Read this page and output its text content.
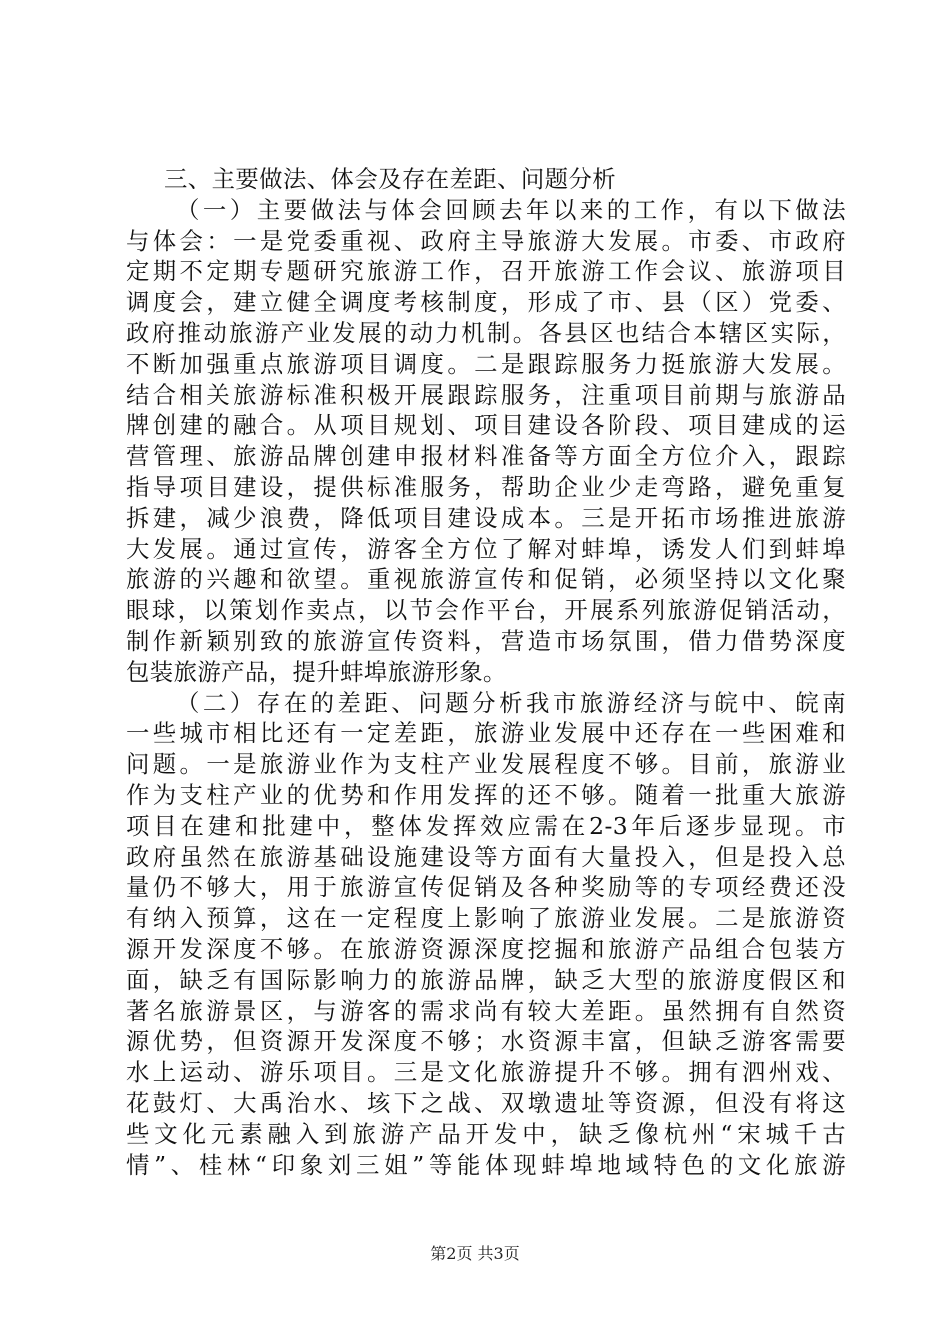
三、主要做法、体会及存在差距、问题分析
（一）主要做法与体会回顾去年以来的工作，有以下做法
与体会：一是党委重视、政府主导旅游大发展。市委、市政府
定期不定期专题研究旅游工作，召开旅游工作会议、旅游项目
调度会，建立健全调度考核制度，形成了市、县（区）党委、
政府推动旅游产业发展的动力机制。各县区也结合本辖区实际，
不断加强重点旅游项目调度。二是跟踪服务力挺旅游大发展。
结合相关旅游标准积极开展跟踪服务，注重项目前期与旅游品
牌创建的融合。从项目规划、项目建设各阶段、项目建成的运
营管理、旅游品牌创建申报材料准备等方面全方位介入，跟踪
指导项目建设，提供标准服务，帮助企业少走弯路，避免重复
拆建，减少浪费，降低项目建设成本。三是开拓市场推进旅游
大发展。通过宣传，游客全方位了解对蚌埠，诱发人们到蚌埠
旅游的兴趣和欲望。重视旅游宣传和促销，必须坚持以文化聚
眼球，以策划作卖点，以节会作平台，开展系列旅游促销活动，
制作新颖别致的旅游宣传资料，营造市场氛围，借力借势深度
包装旅游产品，提升蚌埠旅游形象。
（二）存在的差距、问题分析我市旅游经济与皖中、皖南
一些城市相比还有一定差距，旅游业发展中还存在一些困难和
问题。一是旅游业作为支柱产业发展程度不够。目前，旅游业
作为支柱产业的优势和作用发挥的还不够。随着一批重大旅游
项目在建和批建中，整体发挥效应需在2-3年后逐步显现。市
政府虽然在旅游基础设施建设等方面有大量投入，但是投入总
量仍不够大，用于旅游宣传促销及各种奖励等的专项经费还没
有纳入预算，这在一定程度上影响了旅游业发展。二是旅游资
源开发深度不够。在旅游资源深度挖掘和旅游产品组合包装方
面，缺乏有国际影响力的旅游品牌，缺乏大型的旅游度假区和
著名旅游景区，与游客的需求尚有较大差距。虽然拥有自然资
源优势，但资源开发深度不够；水资源丰富，但缺乏游客需要
水上运动、游乐项目。三是文化旅游提升不够。拥有泗州戏、
花鼓灯、大禹治水、垓下之战、双墩遗址等资源，但没有将这
些文化元素融入到旅游产品开发中，缺乏像杭州“宋城千古
情”、桂林“印象刘三姐”等能体现蚌埠地域特色的文化旅游
第2页 共3页
